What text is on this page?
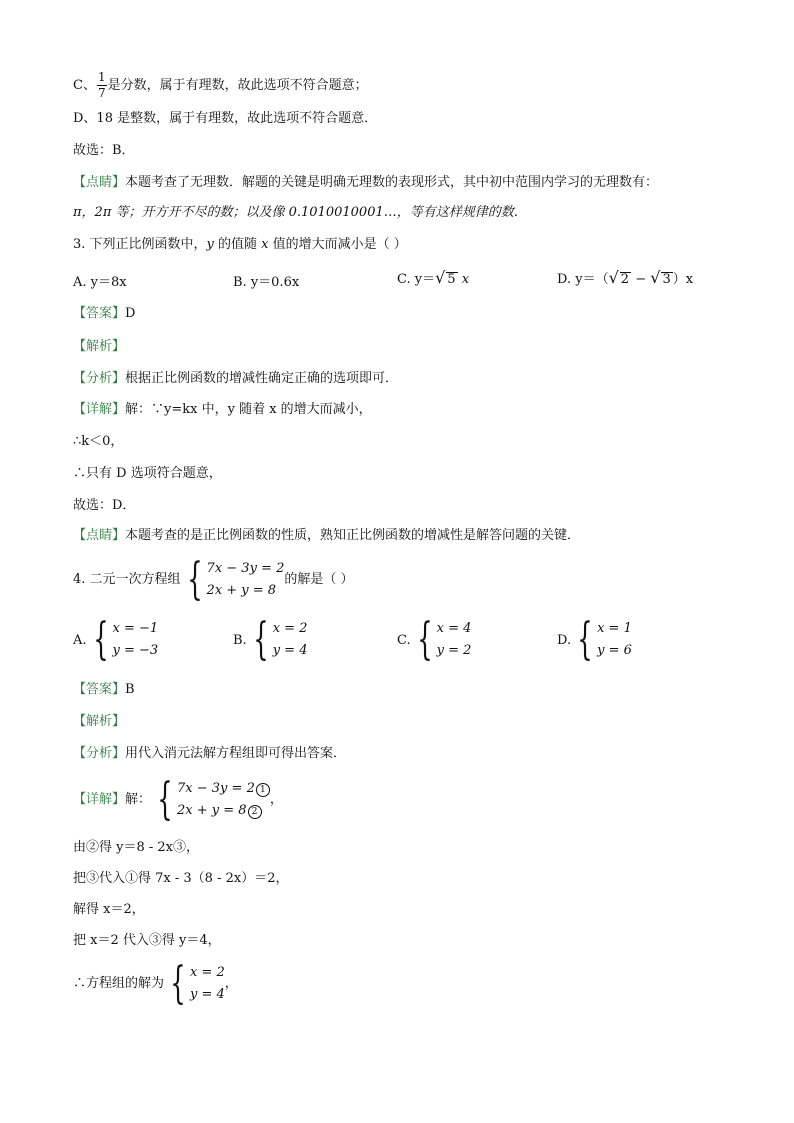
C、 $\frac{1}{7}$ 是分数，属于有理数，故此选项不符合题意；
D、18 是整数，属于有理数，故此选项不符合题意．
故选：B．
【点睛】本题考查了无理数．解题的关键是明确无理数的表现形式，其中初中范围内学习的无理数有：
π，2π 等；开方开不尽的数；以及像 0.1010010001…，等有这样规律的数．
3. 下列正比例函数中，y 的值随 x 值的增大而减小是（ ）
A. y＝8x	B. y＝0.6x	C. y＝√ 5 x	D. y＝（√ 2 − √ 3 ）x
【答案】D
【解析】
【分析】根据正比例函数的增减性确定正确的选项即可．
【详解】解：∵y=kx 中，y 随着 x 的增大而减小，
∴k＜0，
∴只有 D 选项符合题意，
故选：D．
【点睛】本题考查的是正比例函数的性质，熟知正比例函数的增减性是解答问题的关键．
4. 二元一次方程组 { 7x − 3y = 2
2x + y = 8
的解是（ ）
A. { x = −1
y = −3
B. { x = 2
y = 4
C. { x = 4
y = 2
D. { x = 1
y = 6
【答案】B
【解析】
【分析】用代入消元法解方程组即可得出答案．
【详解】解： { 7x − 3y = 2 1
2x + y = 8 2
，
由②得 y＝8 - 2x③，
把③代入①得 7x - 3（8 - 2x）＝2，
解得 x＝2，
把 x＝2 代入③得 y＝4，
∴方程组的解为 { x = 2
y = 4
，
